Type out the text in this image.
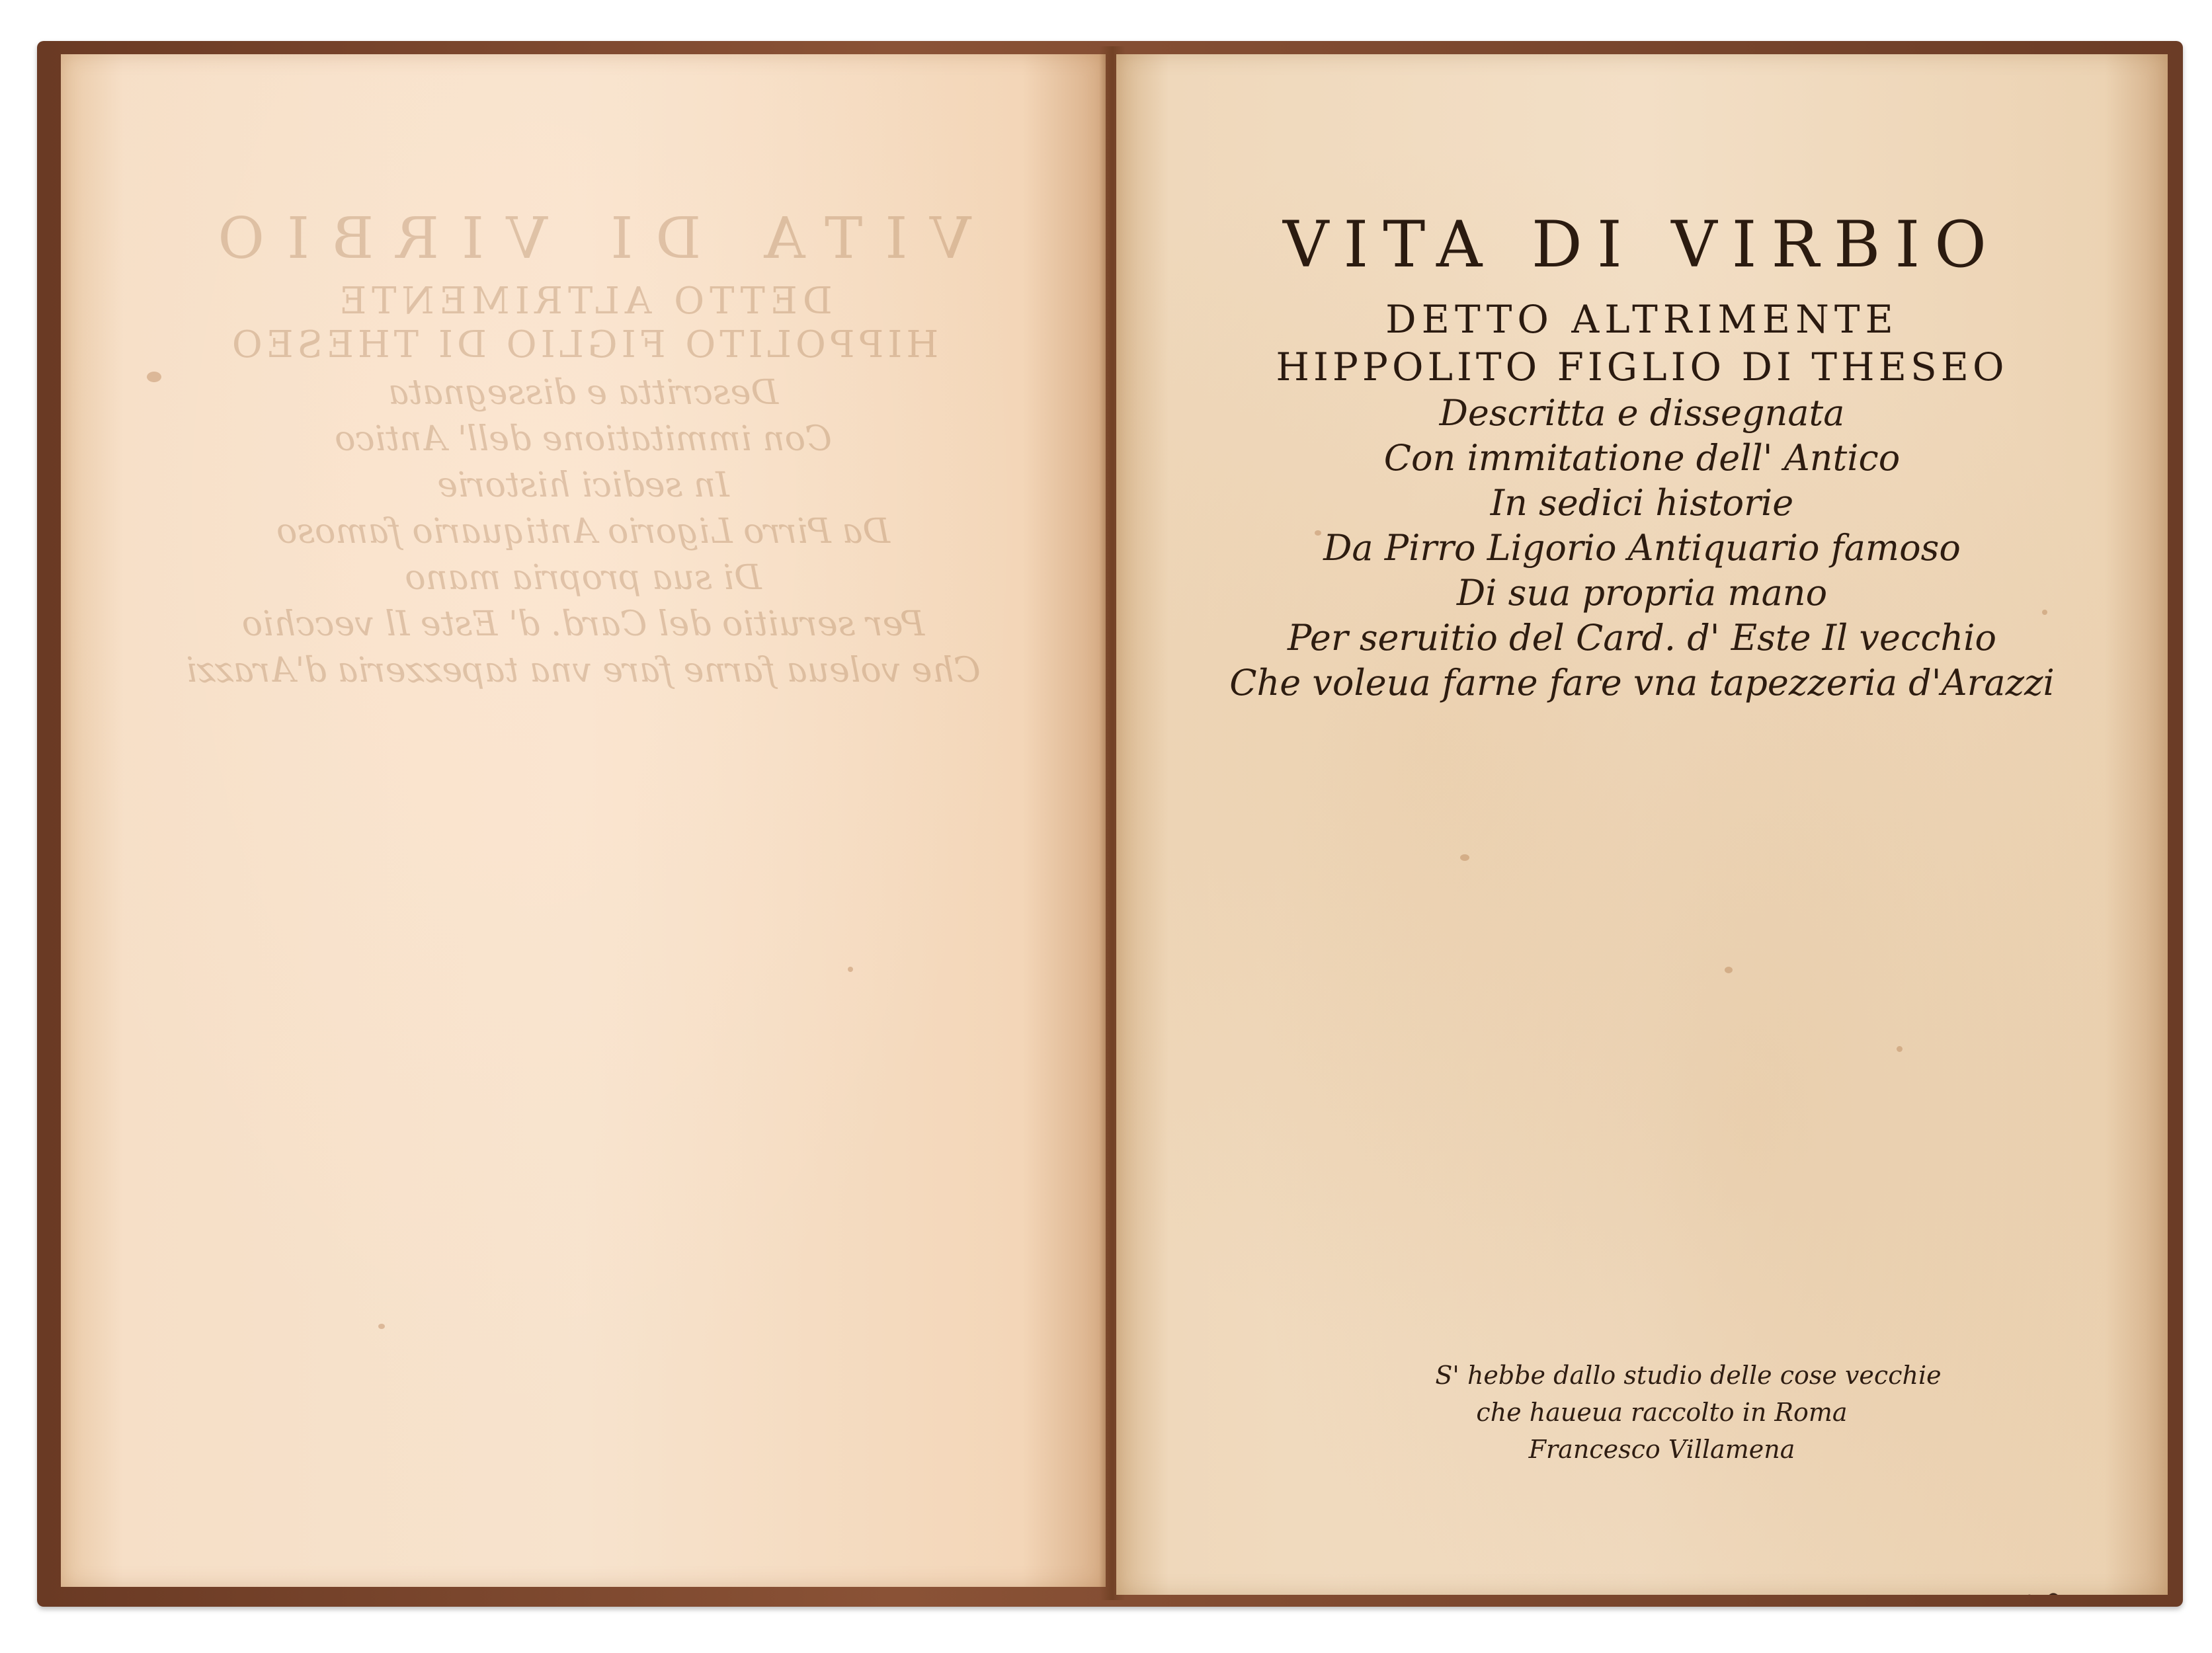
VITA DI VIRBIO
DETTO ALTRIMENTE
HIPPOLITO FIGLIO DI THESEO
Descritta e dissegnata
Con immitatione dell' Antico
In sedici historie
Da Pirro Ligorio Antiquario famoso
Di sua propria mano
Per seruitio del Card. d' Este Il vecchio
Che voleua farne fare vna tapezzeria d'Arazzi
VITA DI VIRBIO
DETTO ALTRIMENTE
HIPPOLITO FIGLIO DI THESEO
Descritta e dissegnata
Con immitatione dell' Antico
In sedici historie
Da Pirro Ligorio Antiquario famoso
Di sua propria mano
Per seruitio del Card. d' Este Il vecchio
Che voleua farne fare vna tapezzeria d'Arazzi
S' hebbe dallo studio delle cose vecchie
che haueua raccolto in Roma
Francesco Villamena
